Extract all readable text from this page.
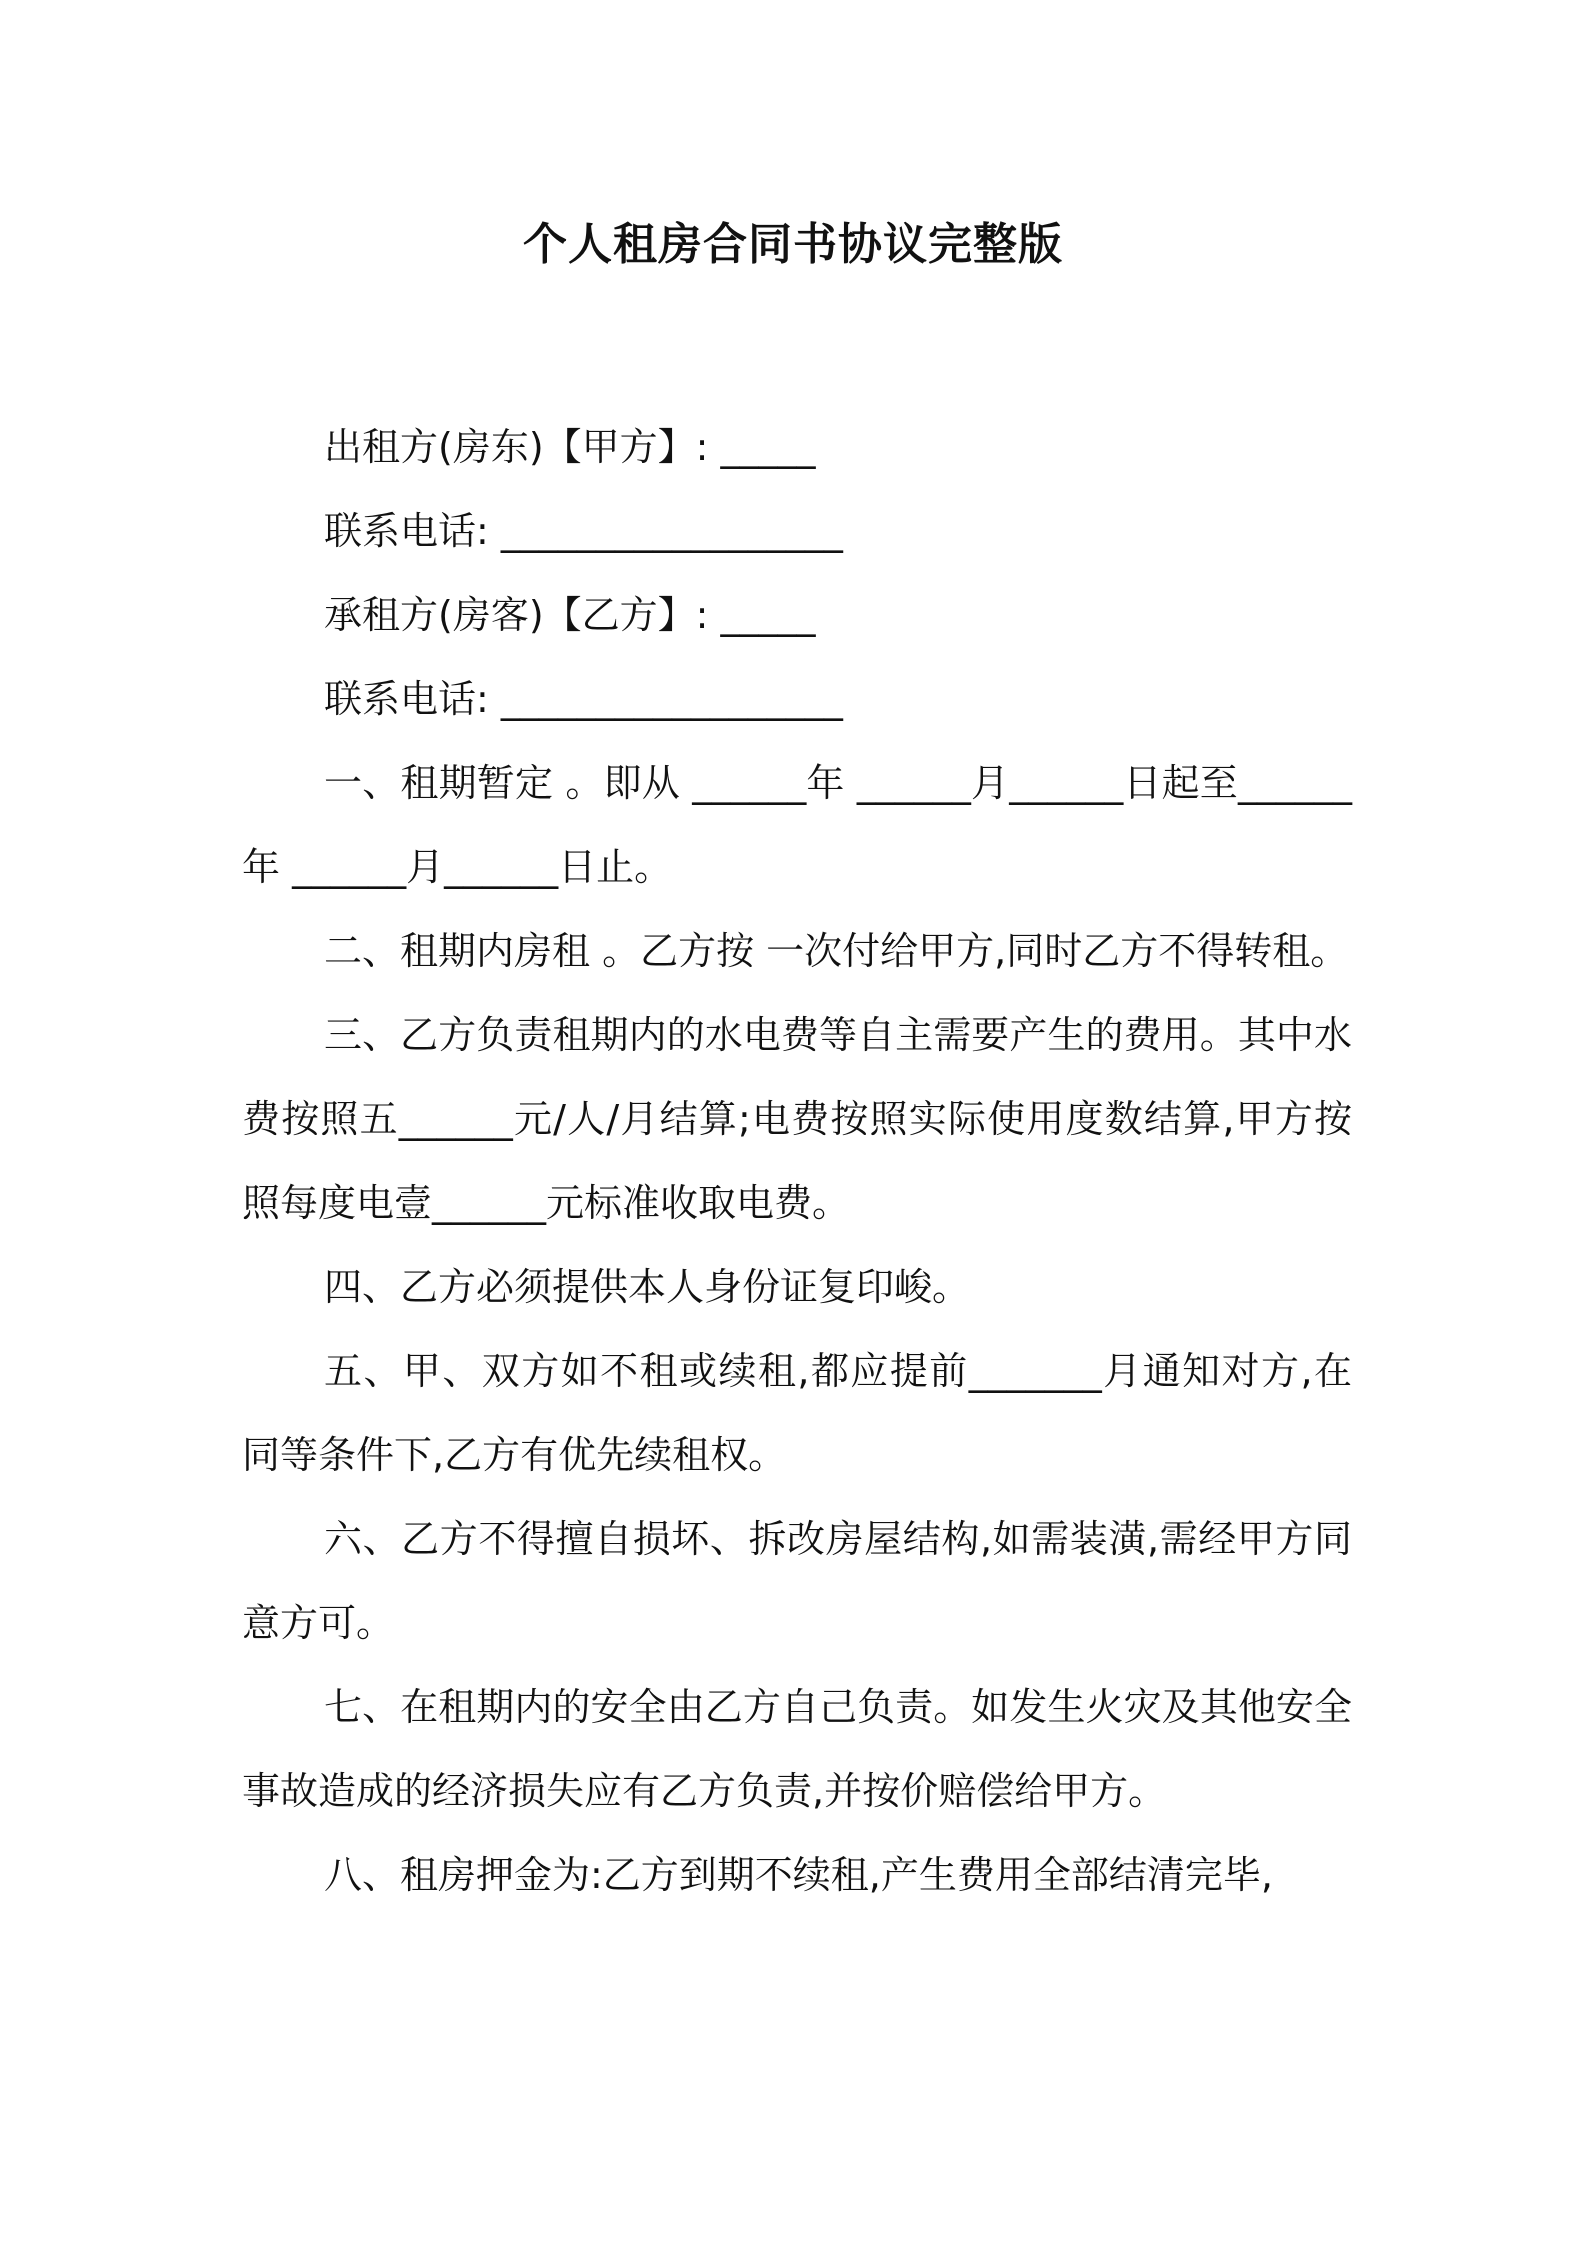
个人租房合同书协议完整版

出租方(房东)【甲方】: _____

联系电话: __________________

承租方(房客)【乙方】: _____

联系电话: __________________

一、租期暂定 。即从 ______年 ______月______日起至______年 ______月______日止。

二、租期内房租 。乙方按 一次付给甲方,同时乙方不得转租。

三、乙方负责租期内的水电费等自主需要产生的费用。其中水费按照五______元/人/月结算;电费按照实际使用度数结算,甲方按照每度电壹______元标准收取电费。

四、乙方必须提供本人身份证复印峻。

五、甲、双方如不租或续租,都应提前_______月通知对方,在同等条件下,乙方有优先续租权。

六、乙方不得擅自损坏、拆改房屋结构,如需装潢,需经甲方同意方可。

七、在租期内的安全由乙方自己负责。如发生火灾及其他安全事故造成的经济损失应有乙方负责,并按价赔偿给甲方。

八、租房押金为:乙方到期不续租,产生费用全部结清完毕,
